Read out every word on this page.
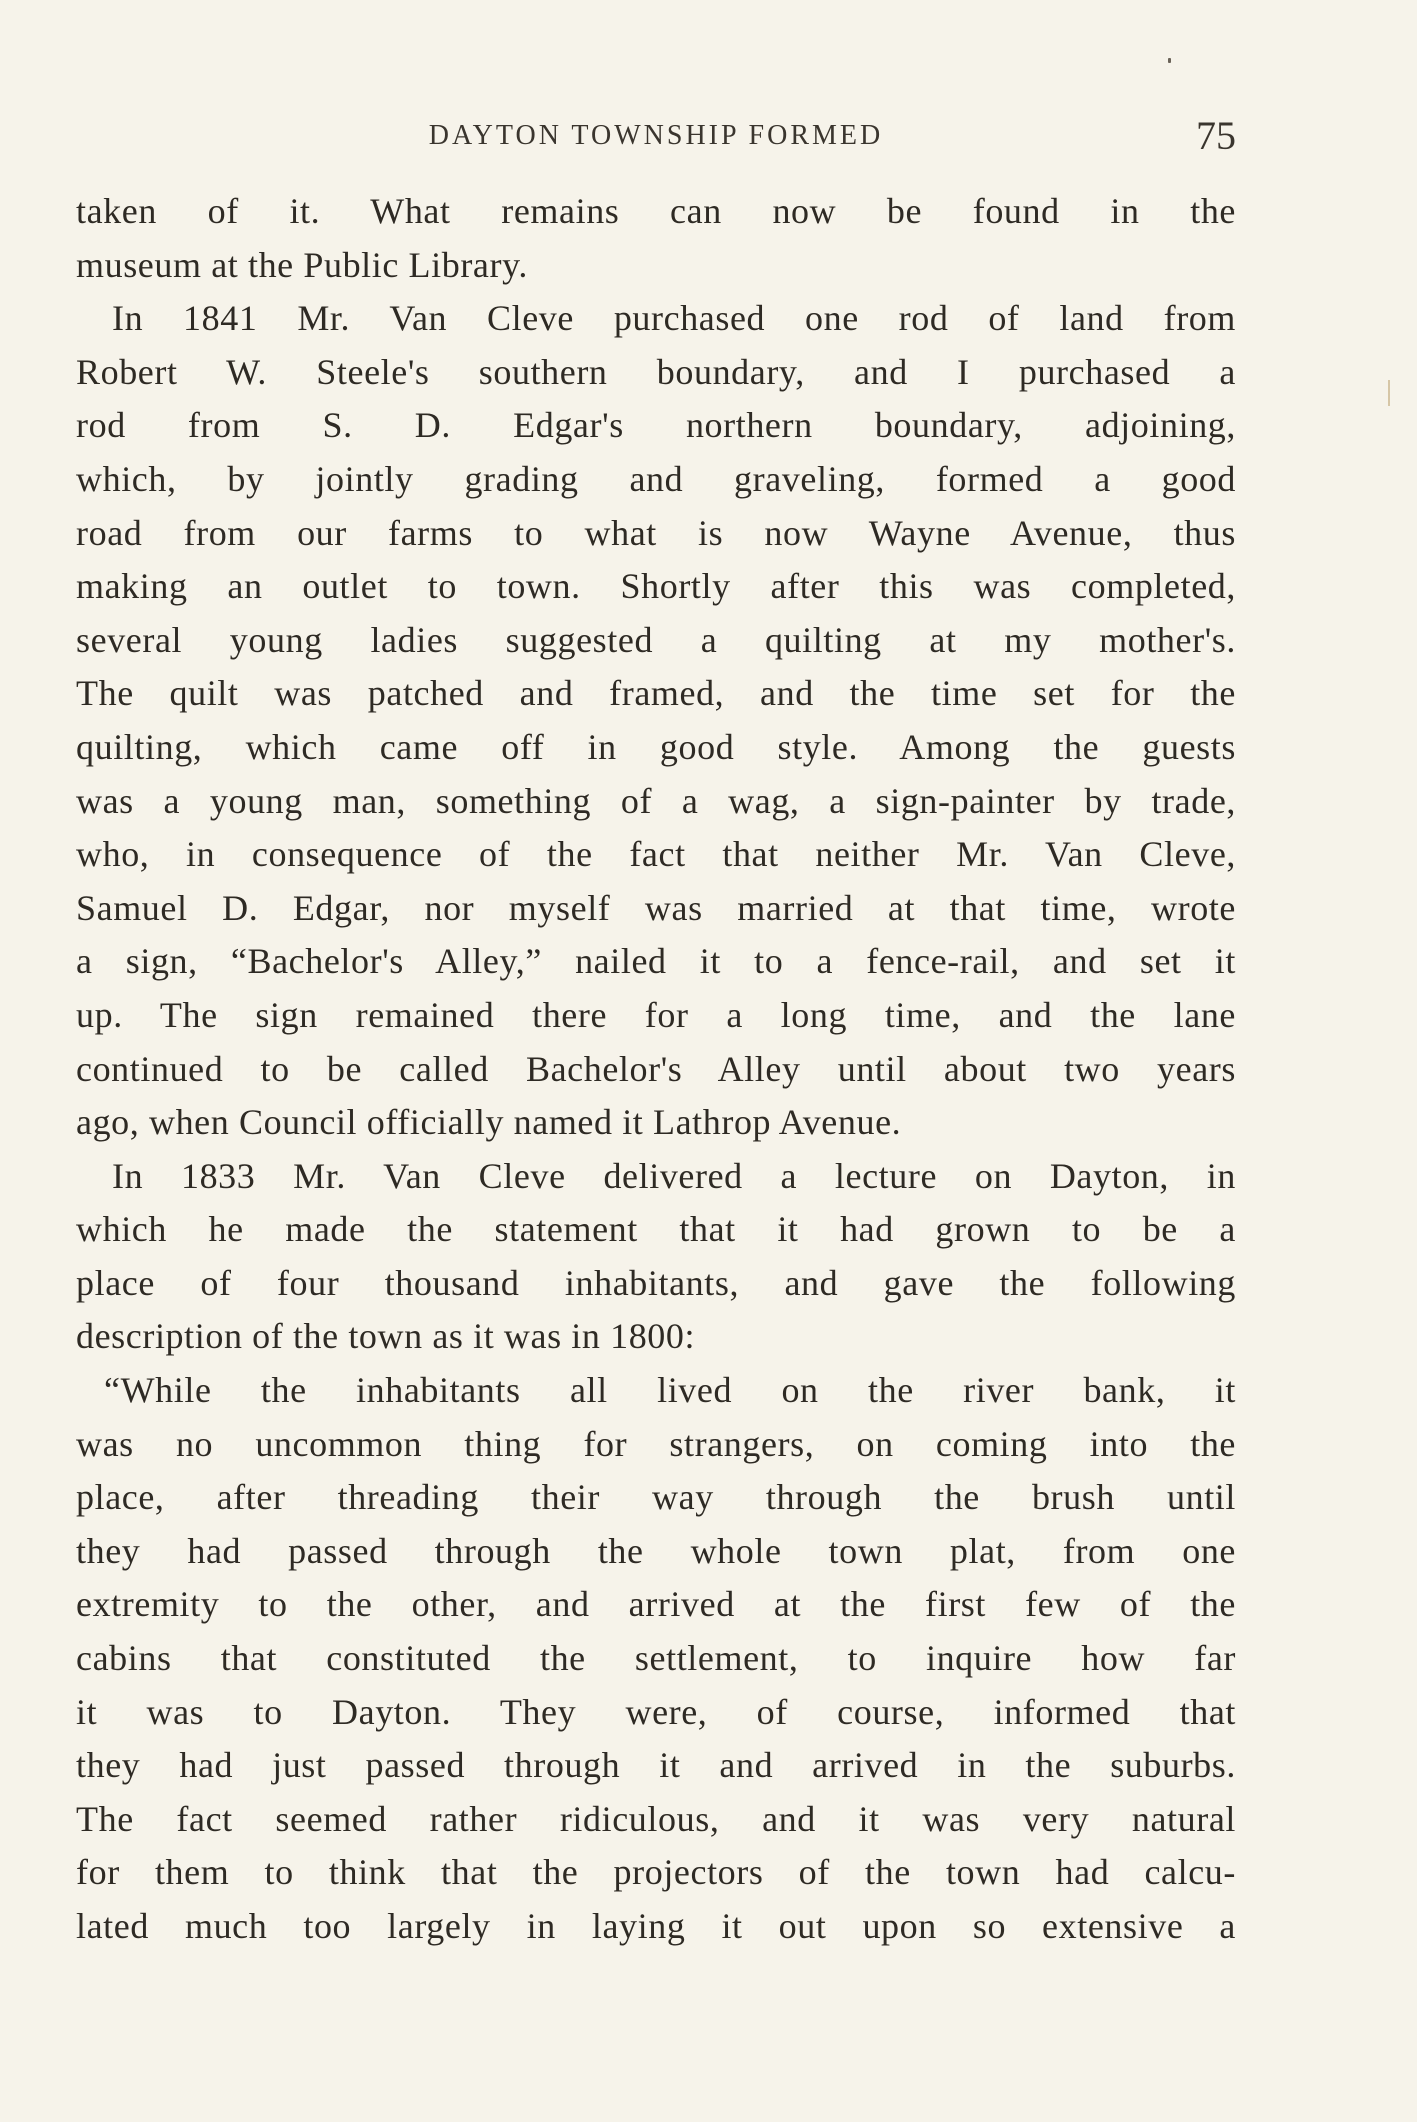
DAYTON TOWNSHIP FORMED	75
taken of it. What remains can now be found in the
museum at the Public Library.
In 1841 Mr. Van Cleve purchased one rod of land from
Robert W. Steele's southern boundary, and I purchased a
rod from S. D. Edgar's northern boundary, adjoining,
which, by jointly grading and graveling, formed a good
road from our farms to what is now Wayne Avenue, thus
making an outlet to town. Shortly after this was completed,
several young ladies suggested a quilting at my mother's.
The quilt was patched and framed, and the time set for the
quilting, which came off in good style. Among the guests
was a young man, something of a wag, a sign-painter by trade,
who, in consequence of the fact that neither Mr. Van Cleve,
Samuel D. Edgar, nor myself was married at that time, wrote
a sign, “Bachelor's Alley,” nailed it to a fence-rail, and set it
up. The sign remained there for a long time, and the lane
continued to be called Bachelor's Alley until about two years
ago, when Council officially named it Lathrop Avenue.
In 1833 Mr. Van Cleve delivered a lecture on Dayton, in
which he made the statement that it had grown to be a
place of four thousand inhabitants, and gave the following
description of the town as it was in 1800:
“While the inhabitants all lived on the river bank, it
was no uncommon thing for strangers, on coming into the
place, after threading their way through the brush until
they had passed through the whole town plat, from one
extremity to the other, and arrived at the first few of the
cabins that constituted the settlement, to inquire how far
it was to Dayton. They were, of course, informed that
they had just passed through it and arrived in the suburbs.
The fact seemed rather ridiculous, and it was very natural
for them to think that the projectors of the town had calcu-
lated much too largely in laying it out upon so extensive a
